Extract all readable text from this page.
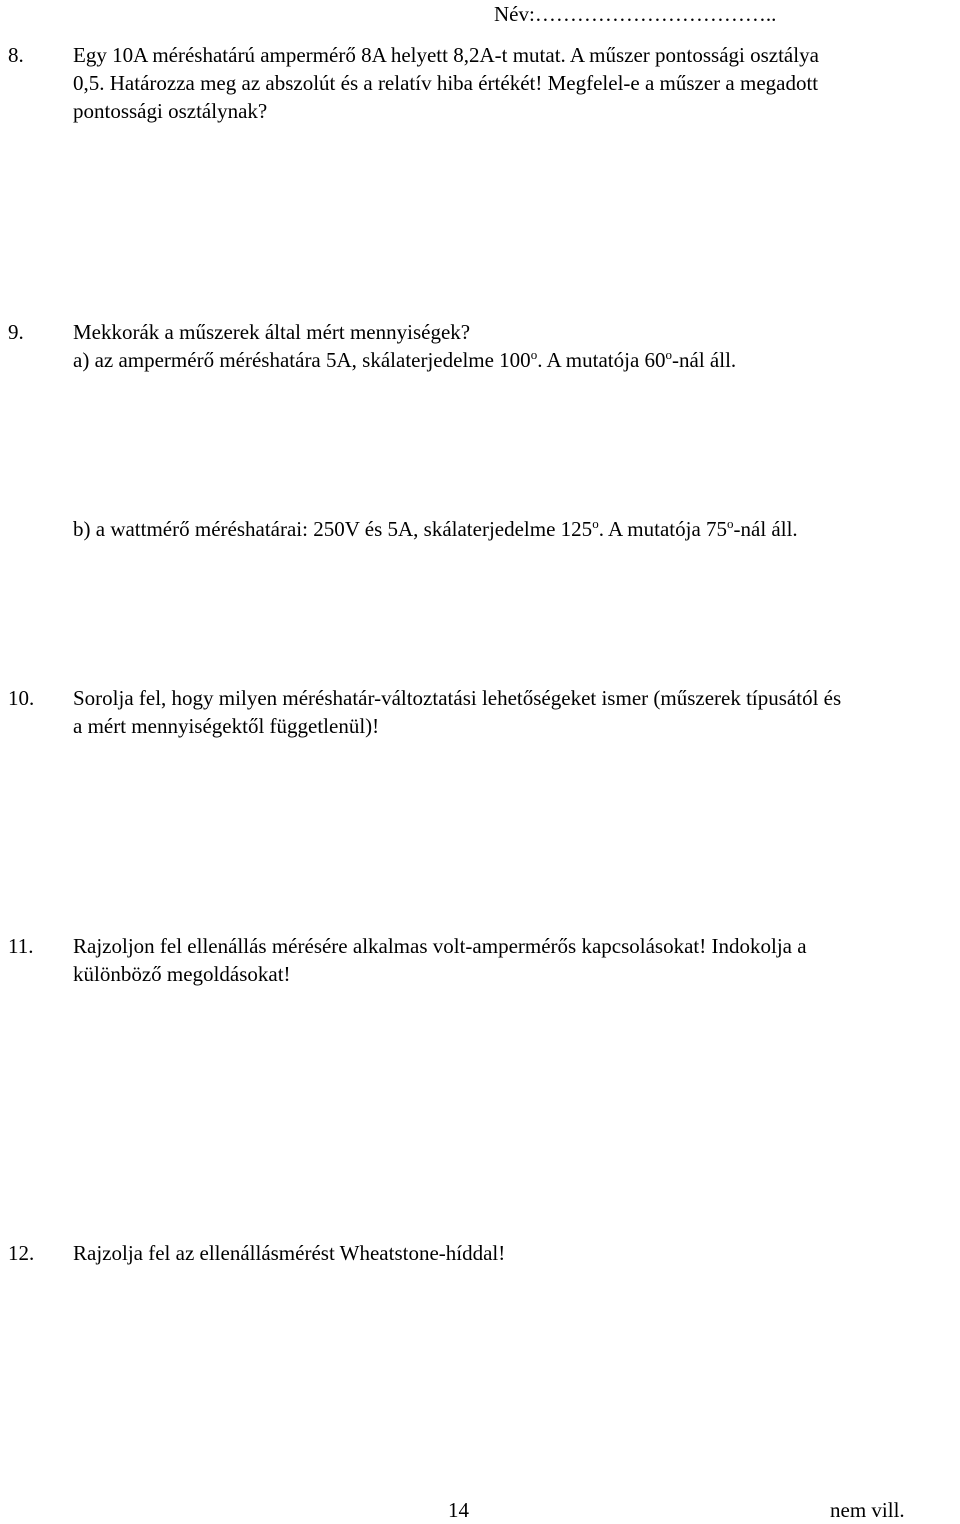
Név:……………………………..
8. Egy 10A méréshatárú ampermérő 8A helyett 8,2A-t mutat. A műszer pontossági osztálya
0,5. Határozza meg az abszolút és a relatív hiba értékét! Megfelel-e a műszer a megadott
pontossági osztálynak?
9. Mekkorák a műszerek által mért mennyiségek?
a) az ampermérő méréshatára 5A, skálaterjedelme 100$^o$. A mutatója 60$^o$-nál áll.
b) a wattmérő méréshatárai: 250V és 5A, skálaterjedelme 125$^o$. A mutatója 75$^o$-nál áll.
10. Sorolja fel, hogy milyen méréshatár-változtatási lehetőségeket ismer (műszerek típusától és
a mért mennyiségektől függetlenül)!
11. Rajzoljon fel ellenállás mérésére alkalmas volt-ampermérős kapcsolásokat! Indokolja a
különböző megoldásokat!
12. Rajzolja fel az ellenállásmérést Wheatstone-híddal!
14	nem vill.
